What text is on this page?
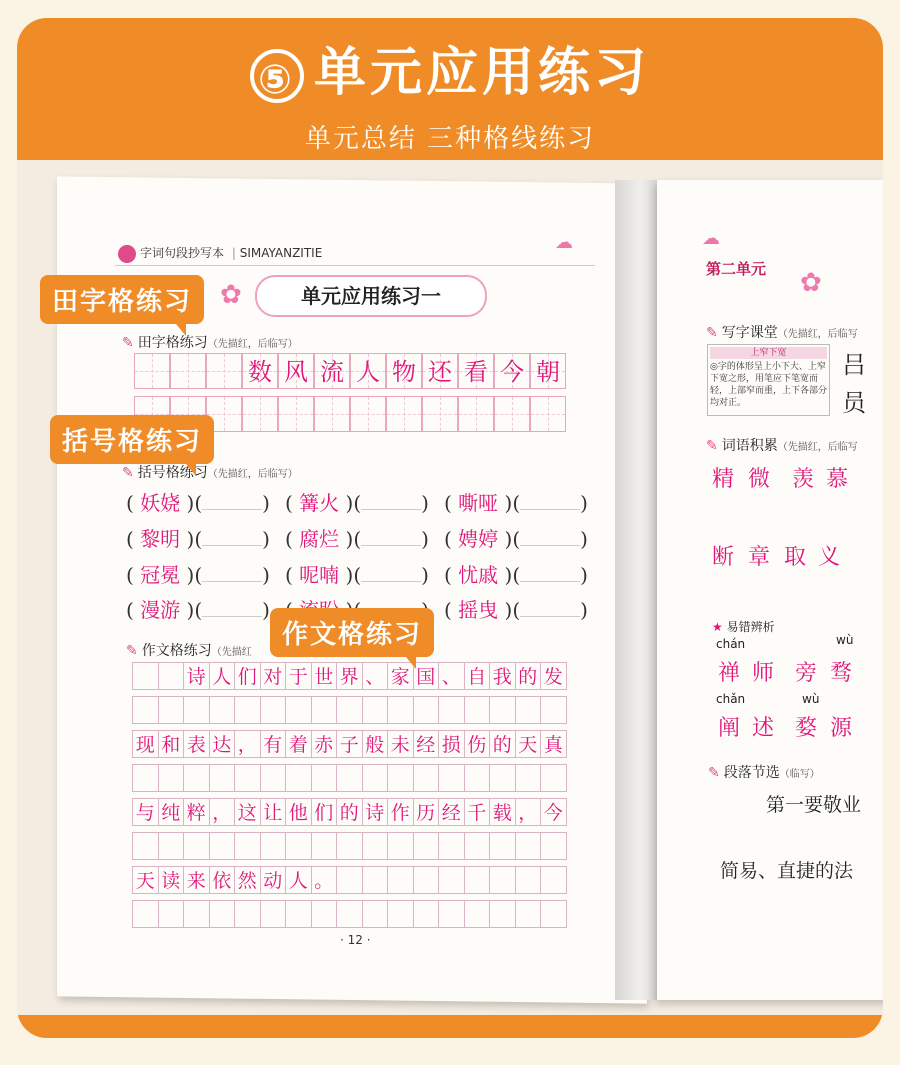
⑤ 单元应用练习
单元总结 三种格线练习
字词句段抄写本 | SIMAYANZITIE	☁
✿	单元应用练习一
✎ 田字格练习（先描红，后临写）
数 风 流 人 物 还 看 今 朝
✎ 括号格练习（先描红，后临写）
( 妖娆 )(	) ( 篝火 )(	) ( 嘶哑 )(	)
( 黎明 )(	) ( 腐烂 )(	) ( 娉婷 )(	)
( 冠冕 )(	) ( 呢喃 )(	) ( 忧戚 )(	)
( 漫游 )(	)	( 摇曳 )(	)
✎ 作文格练习（先描红
诗 人 们 对 于 世 界 、 家 国 、 自 我 的 发
现 和 表 达 ， 有 着 赤 子 般 未 经 损 伤 的 天 真
与 纯 粹 ， 这 让 他 们 的 诗 作 历 经 千 载 ， 今
天 读 来 依 然 动 人 。
· 12 ·
☁
第二单元 ✿
✎ 写字课堂（先描红，后临写
上窄下宽
◎字的体形呈上小下大、上窄下宽之形，用笔应下笔宽而轻，上部窄而重，上下各部分均对正。
吕
员
✎ 词语积累（先描红，后临写
精 微 羡 慕
断 章 取 义
★ 易错辨析
chán	wù
禅 师 旁 骛
chǎn	wù
阐 述 婺 源
✎ 段落节选（临写）
第一要敬业
简易、直捷的法
田字格练习
括号格练习
作文格练习
